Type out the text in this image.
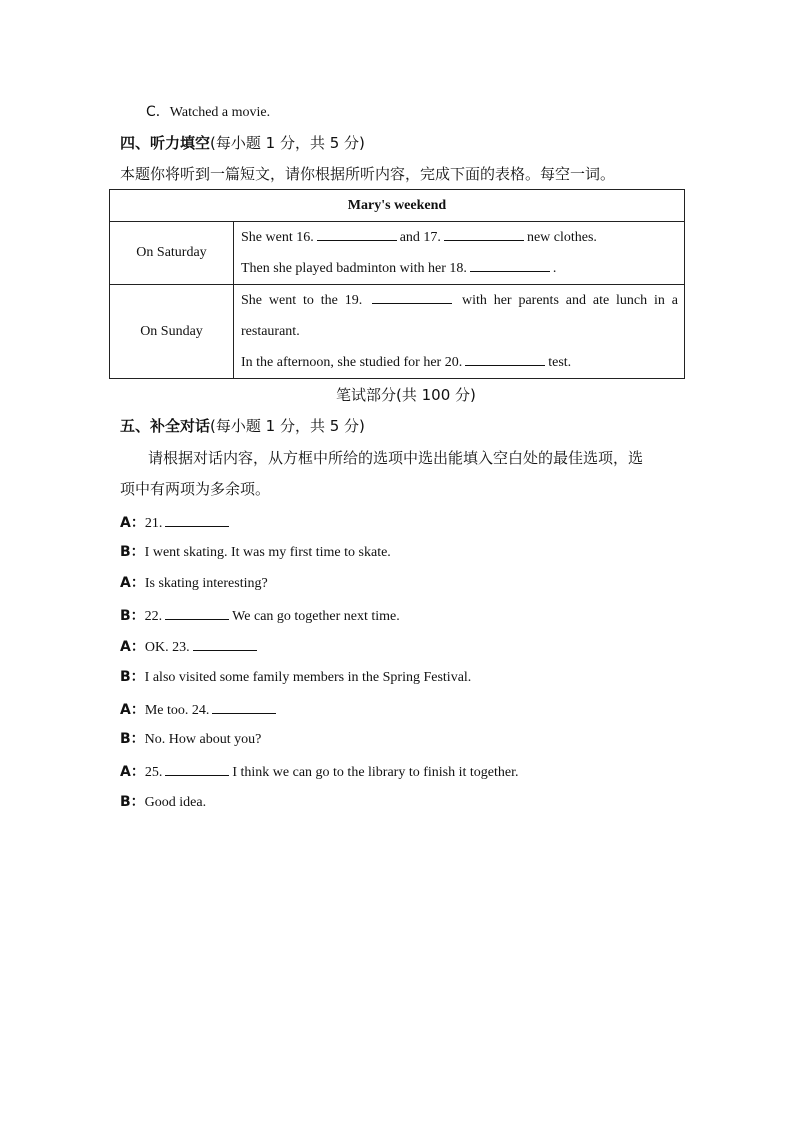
C．Watched a movie.
四、听力填空(每小题 1 分，共 5 分)
本题你将听到一篇短文，请你根据所听内容，完成下面的表格。每空一词。
Mary's weekend	
On Saturday	She went 16. and 17. new clothes.
Then she played badminton with her 18. .

On Sunday	She went to the 19. with her parents and ate lunch in a
restaurant.
In the afternoon, she studied for her 20. test.
笔试部分(共 100 分)
五、补全对话(每小题 1 分，共 5 分)
请根据对话内容，从方框中所给的选项中选出能填入空白处的最佳选项，选
项中有两项为多余项。
A：21.
B：I went skating. It was my first time to skate.
A：Is skating interesting?
B：22.	We can go together next time.
A：OK. 23.
B：I also visited some family members in the Spring Festival.
A：Me too. 24.
B：No. How about you?
A：25.	I think we can go to the library to finish it together.
B：Good idea.
